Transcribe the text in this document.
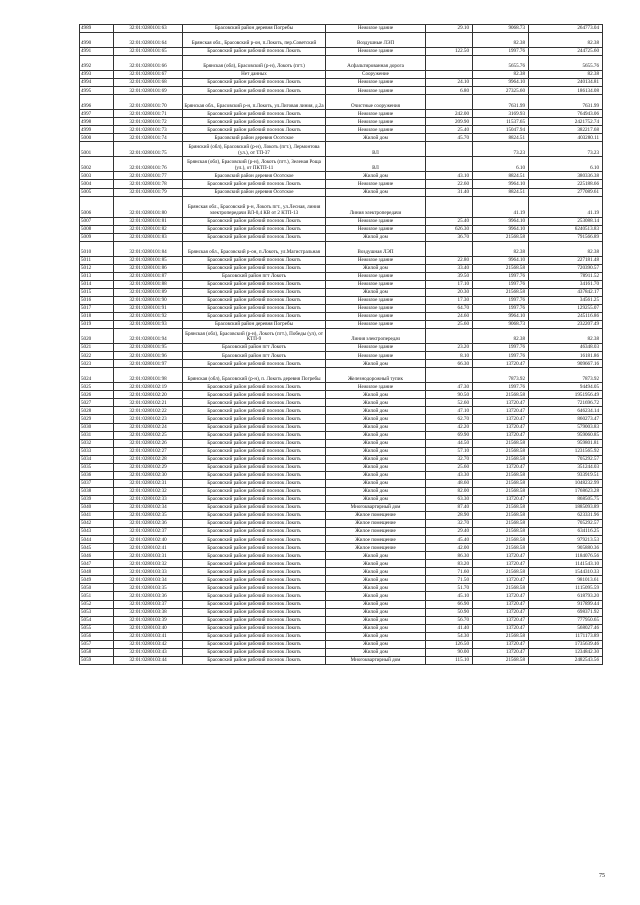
4989	32:01:0280101:63	Брасовский район деревня Погребы	Нежилое здание	29.10	9068.73	264773.04
4990	32:01:0280101:64	Брянская обл., Брасовский р-он, п.Локоть, пер.Советский	Воздушные ЛЭП		82.38	82.38
4991	32:01:0280101:65	Брасовский район рабочий поселок Локоть	Нежилое здание	122.50	1997.76	244725.60
4992	32:01:0280101:66	Брянская (обл), Брасовский (р-н), Локоть (пгт.)	Асфальтированная дорога		5655.76	5655.76
4993	32:01:0280101:67	Нет данных	Сооружение		82.38	82.38
4994	32:01:0280101:68	Брасовский район рабочий поселок Локоть	Нежилое здание	24.10	9964.10	240134.81
4995	32:01:0280101:69	Брасовский район рабочий поселок Локоть	Нежилое здание	6.80	27325.60	186134.08
4996	32:01:0280101:70	Брянская обл., Брасовский р-н, п.Локоть, ул.Лиговая линия, д.2а	Очистные сооружения		7631.99	7631.99
4997	32:01:0280101:71	Брасовский район рабочий поселок Локоть	Нежилое здание	242.00	3169.93	764943.06
4998	32:01:0280101:72	Брасовский район рабочий поселок Локоть	Нежилое здание	209.90	11537.65	2421752.74
4999	32:01:0280101:73	Брасовский район рабочий поселок Локоть	Нежилое здание	25.40	15047.94	382217.68
5000	32:01:0280101:74	Брасовский район деревня Осотское	Жилой дом	45.70	8824.51	403280.11
5001	32:01:0280101:75	Брянский (обл), Брасовский (р-н), Локоть (пгт.), Лермонтова (ул.), от ТП-37	ВЛ		73.23	73.23
5002	32:01:0280101:76	Брянская (обл), Брасовский (р-н), Локоть (пгт.), Зеленая Роща (ул.), от ПКТП-11	ВЛ		6.10	6.10
5003	32:01:0280101:77	Брасовский район деревня Осотское	Жилой дом	43.10	8824.51	380336.38
5004	32:01:0280101:78	Брасовский район рабочий поселок Локоть	Нежилое здание	22.60	9964.10	225188.66
5005	32:01:0280101:79	Брасовский район деревня Осотское	Жилой дом	31.40	8824.51	277089.61
5006	32:01:0280101:80	Брянская обл., Брасовский р-н, Локоть пгт., ул.Лесная, линия электропередачи ВЛ-0,4 КВ от 2 КТП-13	Линия электропередачи		41.19	41.19
5007	32:01:0280101:81	Брасовский район рабочий поселок Локоть	Нежилое здание	25.40	9964.10	253088.14
5008	32:01:0280101:82	Брасовский район рабочий поселок Локоть	Нежилое здание	626.30	9964.10	6240513.83
5009	32:01:0280101:83	Брасовский район рабочий поселок Локоть	Жилой дом	36.70	21568.58	791566.89
5010	32:01:0280101:84	Брянская обл., Брасовский р-он, п.Локоть, ул.Магистральная	Воздушная ЛЭП		82.38	82.38
5011	32:01:0280101:85	Брасовский район рабочий поселок Локоть	Нежилое здание	22.80	9964.10	227181.48
5012	32:01:0280101:86	Брасовский район рабочий поселок Локоть	Жилой дом	33.40	21568.58	720390.57
5013	32:01:0280101:87	Брасовский район пгт Локоть	Нежилое здание	39.50	1997.76	78911.52
5014	32:01:0280101:88	Брасовский район рабочий поселок Локоть	Нежилое здание	17.10	1997.76	34161.70
5015	32:01:0280101:89	Брасовский район рабочий поселок Локоть	Жилой дом	20.30	21568.58	437842.17
5016	32:01:0280101:90	Брасовский район рабочий поселок Локоть	Нежилое здание	17.30	1997.76	34561.25
5017	32:01:0280101:91	Брасовский район рабочий поселок Локоть	Нежилое здание	64.70	1997.76	129255.07
5018	32:01:0280101:92	Брасовский район рабочий поселок Локоть	Нежилое здание	24.60	9964.10	245116.86
5019	32:01:0280101:93	Брасовский район деревня Погребы	Нежилое здание	25.60	9068.73	232207.49
5020	32:01:0280101:94	Брянская (обл), Брасовский (р-н), Локоть (пгт.), Победы (ул), от КТП-9	Линия электропередач		82.38	82.38
5021	32:01:0280101:95	Брасовский район пгт Локоть	Нежилое здание	23.20	1997.76	46348.03
5022	32:01:0280101:96	Брасовский район пгт Локоть	Нежилое здание	8.10	1997.76	16181.86
5023	32:01:0280101:97	Брасовский район рабочий поселок Локоть	Жилой дом	66.30	13720.47	909667.16
5024	32:01:0280101:98	Брянская (обл), Брасовский (р-н), п. Локоть деревня Погребы	Железнодорожный тупик		7873.92	7873.92
5025	32:01:0280102:19	Брасовский район рабочий поселок Локоть	Нежилое здание	47.30	1997.76	94494.05
5026	32:01:0280102:20	Брасовский район рабочий поселок Локоть	Жилой дом	90.50	21568.58	1951956.49
5027	32:01:0280102:21	Брасовский район рабочий поселок Локоть	Жилой дом	52.60	13720.47	721696.72
5028	32:01:0280102:22	Брасовский район рабочий поселок Локоть	Жилой дом	47.10	13720.47	646234.14
5029	32:01:0280102:23	Брасовский район рабочий поселок Локоть	Жилой дом	62.70	13720.47	860273.47
5030	32:01:0280102:24	Брасовский район рабочий поселок Локоть	Жилой дом	42.20	13720.47	579003.83
5031	32:01:0280102:25	Брасовский район рабочий поселок Локоть	Жилой дом	69.90	13720.47	959060.85
5032	32:01:0280102:26	Брасовский район рабочий поселок Локоть	Жилой дом	44.50	21568.58	959801.81
5033	32:01:0280102:27	Брасовский район рабочий поселок Локоть	Жилой дом	57.10	21568.58	1231565.92
5034	32:01:0280102:28	Брасовский район рабочий поселок Локоть	Жилой дом	32.70	21568.58	705292.57
5035	32:01:0280102:29	Брасовский район рабочий поселок Локоть	Жилой дом	25.60	13720.47	351244.03
5036	32:01:0280102:30	Брасовский район рабочий поселок Локоть	Жилой дом	43.30	21568.58	933919.51
5037	32:01:0280102:31	Брасовский район рабочий поселок Локоть	Жилой дом	48.60	21568.58	1048232.99
5038	32:01:0280102:32	Брасовский район рабочий поселок Локоть	Жилой дом	82.00	21568.58	1768623.28
5039	32:01:0280102:33	Брасовский район рабочий поселок Локоть	Жилой дом	63.30	13720.47	868505.75
5040	32:01:0280102:34	Брасовский район рабочий поселок Локоть	Многоквартирный дом	87.40	21568.58	1885093.89
5041	32:01:0280102:35	Брасовский район рабочий поселок Локоть	Жилое помещение	28.90	21568.58	623331.96
5042	32:01:0280102:36	Брасовский район рабочий поселок Локоть	Жилое помещение	32.70	21568.58	705292.57
5043	32:01:0280102:37	Брасовский район рабочий поселок Локоть	Жилое помещение	29.40	21568.58	634116.25
5044	32:01:0280102:40	Брасовский район рабочий поселок Локоть	Жилое помещение	45.40	21568.58	979213.53
5045	32:01:0280102:41	Брасовский район рабочий поселок Локоть	Жилое помещение	42.00	21568.58	905880.36
5046	32:01:0280103:31	Брасовский район рабочий поселок Локоть	Жилой дом	86.30	13720.47	1184076.56
5047	32:01:0280103:32	Брасовский район рабочий поселок Локоть	Жилой дом	83.20	13720.47	1141543.10
5048	32:01:0280103:33	Брасовский район рабочий поселок Локоть	Жилой дом	71.60	21568.58	1544310.33
5049	32:01:0280103:34	Брасовский район рабочий поселок Локоть	Жилой дом	71.50	13720.47	981013.61
5050	32:01:0280103:35	Брасовский район рабочий поселок Локоть	Жилой дом	51.70	21568.58	1115095.59
5051	32:01:0280103:36	Брасовский район рабочий поселок Локоть	Жилой дом	45.10	13720.47	618793.20
5052	32:01:0280103:37	Брасовский район рабочий поселок Локоть	Жилой дом	66.90	13720.47	917899.44
5053	32:01:0280103:38	Брасовский район рабочий поселок Локоть	Жилой дом	50.90	13720.47	698371.92
5054	32:01:0280103:39	Брасовский район рабочий поселок Локоть	Жилой дом	56.70	13720.47	777950.65
5055	32:01:0280103:40	Брасовский район рабочий поселок Локоть	Жилой дом	41.40	13720.47	568027.46
5056	32:01:0280103:41	Брасовский район рабочий поселок Локоть	Жилой дом	54.30	21568.58	1171173.89
5057	32:01:0280103:42	Брасовский район рабочий поселок Локоть	Жилой дом	126.50	13720.47	1735639.46
5058	32:01:0280103:43	Брасовский район рабочий поселок Локоть	Жилой дом	90.00	13720.47	1234842.30
5059	32:01:0280103:44	Брасовский район рабочий поселок Локоть	Многоквартирный дом	115.10	21568.58	2482543.56
75
